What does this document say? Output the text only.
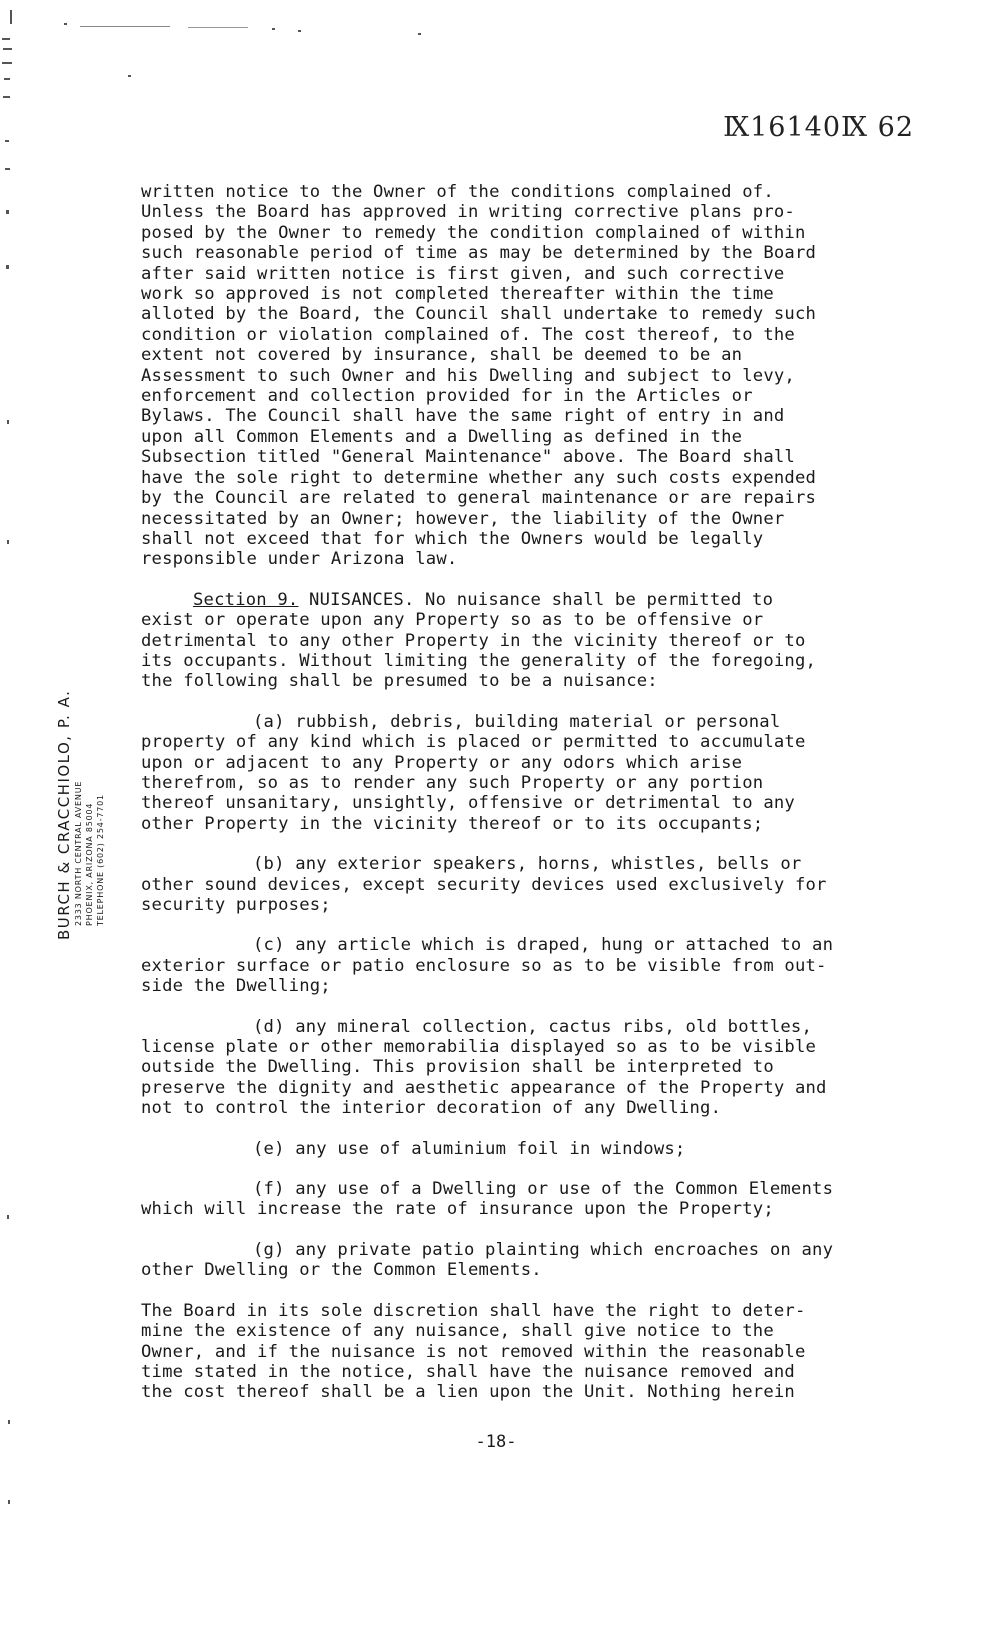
Ⅸ16140Ⅸ 62
BURCH & CRACCHIOLO, P. A. 2333 NORTH CENTRAL AVENUE PHOENIX, ARIZONA 85004 TELEPHONE (602) 254-7701

written notice to the Owner of the conditions complained of.
Unless the Board has approved in writing corrective plans pro-
posed by the Owner to remedy the condition complained of within
such reasonable period of time as may be determined by the Board
after said written notice is first given, and such corrective
work so approved is not completed thereafter within the time
alloted by the Board, the Council shall undertake to remedy such
condition or violation complained of. The cost thereof, to the
extent not covered by insurance, shall be deemed to be an
Assessment to such Owner and his Dwelling and subject to levy,
enforcement and collection provided for in the Articles or
Bylaws. The Council shall have the same right of entry in and
upon all Common Elements and a Dwelling as defined in the
Subsection titled "General Maintenance" above. The Board shall
have the sole right to determine whether any such costs expended
by the Council are related to general maintenance or are repairs
necessitated by an Owner; however, the liability of the Owner
shall not exceed that for which the Owners would be legally
responsible under Arizona law.

Section 9. NUISANCES. No nuisance shall be permitted to
exist or operate upon any Property so as to be offensive or
detrimental to any other Property in the vicinity thereof or to
its occupants. Without limiting the generality of the foregoing,
the following shall be presumed to be a nuisance:

(a) rubbish, debris, building material or personal
property of any kind which is placed or permitted to accumulate
upon or adjacent to any Property or any odors which arise
therefrom, so as to render any such Property or any portion
thereof unsanitary, unsightly, offensive or detrimental to any
other Property in the vicinity thereof or to its occupants;

(b) any exterior speakers, horns, whistles, bells or
other sound devices, except security devices used exclusively for
security purposes;

(c) any article which is draped, hung or attached to an
exterior surface or patio enclosure so as to be visible from out-
side the Dwelling;

(d) any mineral collection, cactus ribs, old bottles,
license plate or other memorabilia displayed so as to be visible
outside the Dwelling. This provision shall be interpreted to
preserve the dignity and aesthetic appearance of the Property and
not to control the interior decoration of any Dwelling.

(e) any use of aluminium foil in windows;

(f) any use of a Dwelling or use of the Common Elements
which will increase the rate of insurance upon the Property;

(g) any private patio plainting which encroaches on any
other Dwelling or the Common Elements.

The Board in its sole discretion shall have the right to deter-
mine the existence of any nuisance, shall give notice to the
Owner, and if the nuisance is not removed within the reasonable
time stated in the notice, shall have the nuisance removed and
the cost thereof shall be a lien upon the Unit. Nothing herein

-18-
